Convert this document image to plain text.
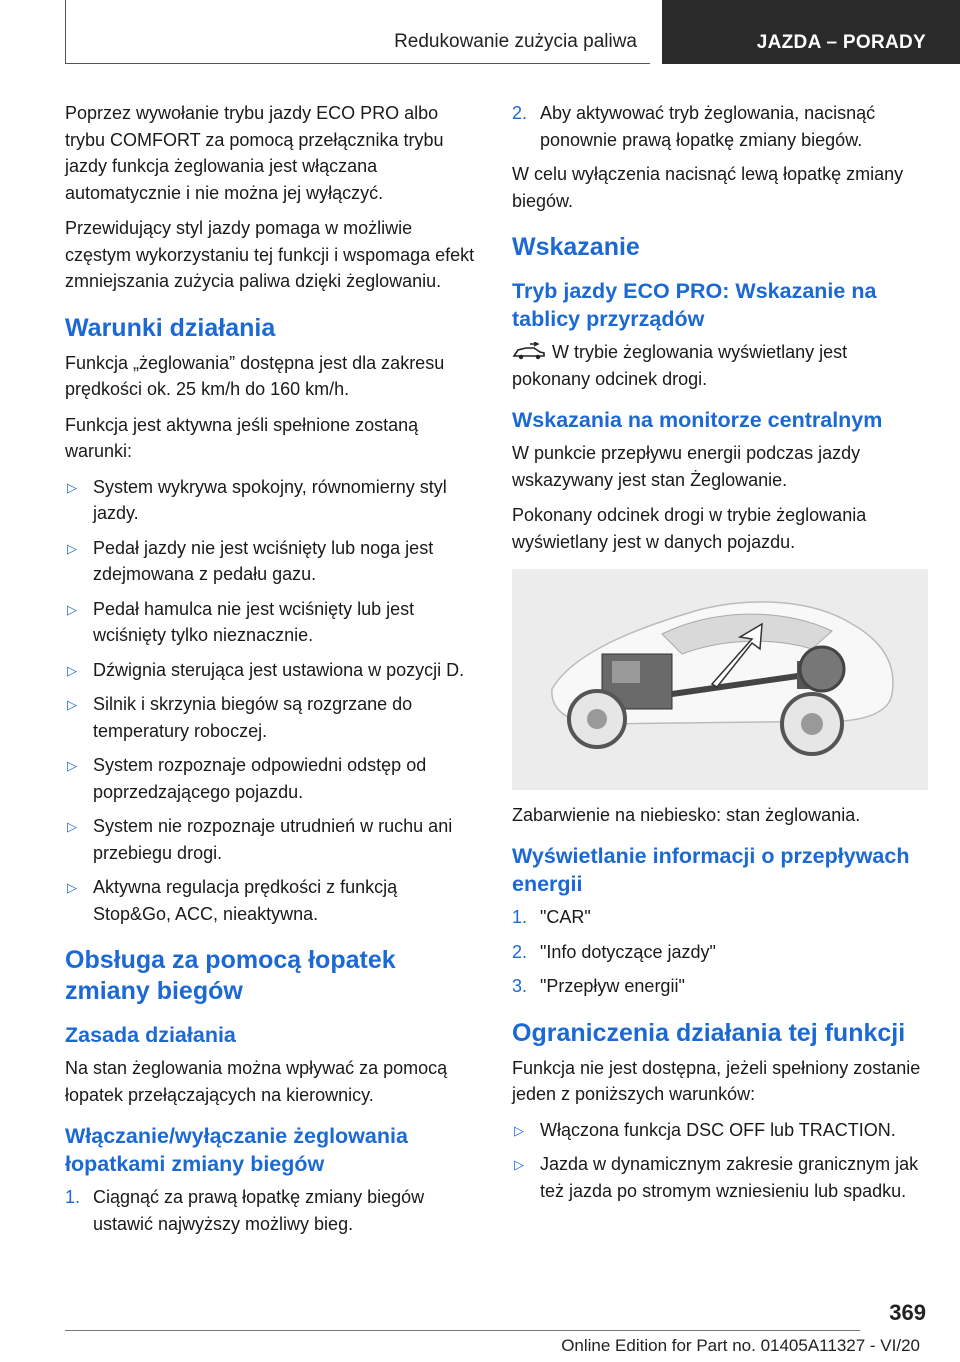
Redukowanie zużycia paliwa	JAZDA – PORADY

Poprzez wywołanie trybu jazdy ECO PRO albo trybu COMFORT za pomocą przełącznika trybu jazdy funkcja żeglowania jest włączana automatycznie i nie można jej wyłączyć.

Przewidujący styl jazdy pomaga w możliwie częstym wykorzystaniu tej funkcji i wspomaga efekt zmniejszania zużycia paliwa dzięki żeglowaniu.

Warunki działania

Funkcja „żeglowania” dostępna jest dla zakresu prędkości ok. 25 km/h do 160 km/h.

Funkcja jest aktywna jeśli spełnione zostaną warunki:

▷ System wykrywa spokojny, równomierny styl jazdy.
▷ Pedał jazdy nie jest wciśnięty lub noga jest zdejmowana z pedału gazu.
▷ Pedał hamulca nie jest wciśnięty lub jest wciśnięty tylko nieznacznie.
▷ Dźwignia sterująca jest ustawiona w pozycji D.
▷ Silnik i skrzynia biegów są rozgrzane do temperatury roboczej.
▷ System rozpoznaje odpowiedni odstęp od poprzedzającego pojazdu.
▷ System nie rozpoznaje utrudnień w ruchu ani przebiegu drogi.
▷ Aktywna regulacja prędkości z funkcją Stop&Go, ACC, nieaktywna.
Obsługa za pomocą łopatek zmiany biegów
Zasada działania

Na stan żeglowania można wpływać za pomocą łopatek przełączających na kierownicy.

Włączanie/wyłączanie żeglowania łopatkami zmiany biegów
1. Ciągnąć za prawą łopatkę zmiany biegów ustawić najwyższy możliwy bieg.
2. Aby aktywować tryb żeglowania, nacisnąć ponownie prawą łopatkę zmiany biegów.

W celu wyłączenia nacisnąć lewą łopatkę zmiany biegów.

Wskazanie
Tryb jazdy ECO PRO: Wskazanie na tablicy przyrządów

W trybie żeglowania wyświetlany jest pokonany odcinek drogi.

Wskazania na monitorze centralnym

W punkcie przepływu energii podczas jazdy wskazywany jest stan Żeglowanie.

Pokonany odcinek drogi w trybie żeglowania wyświetlany jest w danych pojazdu.

Zabarwienie na niebiesko: stan żeglowania.
Wyświetlanie informacji o przepływach energii
1. "CAR"
2. "Info dotyczące jazdy"
3. "Przepływ energii"
Ograniczenia działania tej funkcji

Funkcja nie jest dostępna, jeżeli spełniony zostanie jeden z poniższych warunków:

▷ Włączona funkcja DSC OFF lub TRACTION.
▷ Jazda w dynamicznym zakresie granicznym jak też jazda po stromym wzniesieniu lub spadku.
369
Online Edition for Part no. 01405A11327 - VI/20
